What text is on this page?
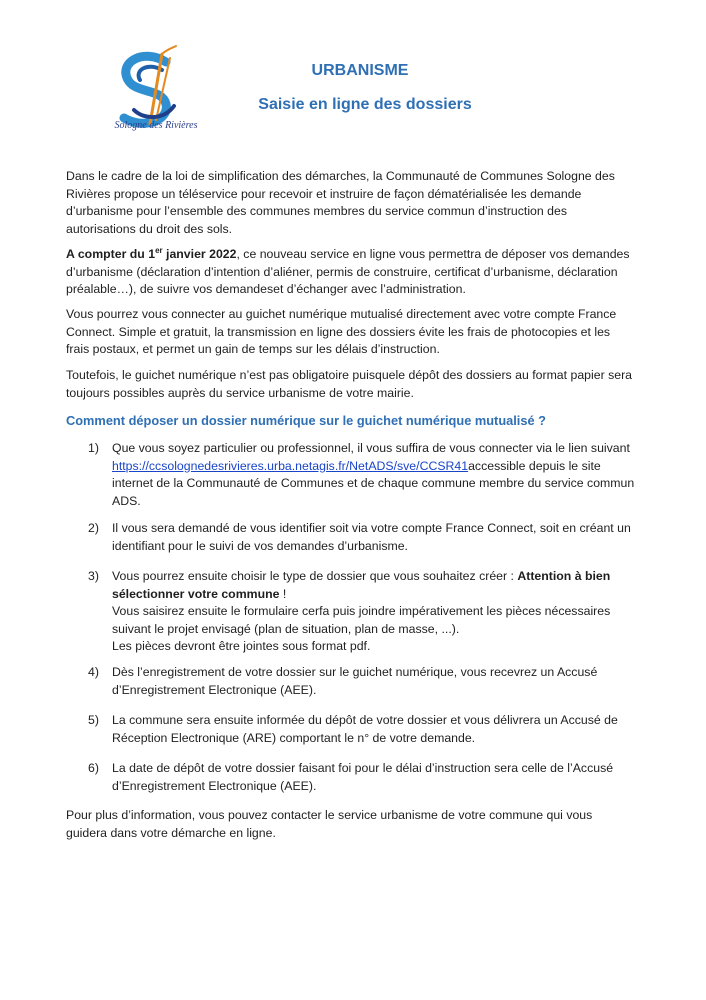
Sologne des Rivières
URBANISME
Saisie en ligne des dossiers

Dans le cadre de la loi de simplification des démarches, la Communauté de Communes Sologne des Rivières propose un téléservice pour recevoir et instruire de façon dématérialisée les demande d’urbanisme pour l’ensemble des communes membres du service commun d’instruction des autorisations du droit des sols.

A compter du 1er janvier 2022, ce nouveau service en ligne vous permettra de déposer vos demandes d’urbanisme (déclaration d’intention d’aliéner, permis de construire, certificat d’urbanisme, déclaration préalable…), de suivre vos demandeset d’échanger avec l’administration.

Vous pourrez vous connecter au guichet numérique mutualisé directement avec votre compte France Connect. Simple et gratuit, la transmission en ligne des dossiers évite les frais de photocopies et les frais postaux, et permet un gain de temps sur les délais d’instruction.

Toutefois, le guichet numérique n’est pas obligatoire puisquele dépôt des dossiers au format papier sera toujours possibles auprès du service urbanisme de votre mairie.

Comment déposer un dossier numérique sur le guichet numérique mutualisé ?
1)	Que vous soyez particulier ou professionnel, il vous suffira de vous connecter via le lien suivant https://ccsolognedesrivieres.urba.netagis.fr/NetADS/sve/CCSR41accessible depuis le site internet de la Communauté de Communes et de chaque commune membre du service commun ADS.
2)	Il vous sera demandé de vous identifier soit via votre compte France Connect, soit en créant un identifiant pour le suivi de vos demandes d’urbanisme.
3)	Vous pourrez ensuite choisir le type de dossier que vous souhaitez créer : Attention à bien sélectionner votre commune !
Vous saisirez ensuite le formulaire cerfa puis joindre impérativement les pièces nécessaires suivant le projet envisagé (plan de situation, plan de masse, ...).
Les pièces devront être jointes sous format pdf.
4)	Dès l’enregistrement de votre dossier sur le guichet numérique, vous recevrez un Accusé d’Enregistrement Electronique (AEE).
5)	La commune sera ensuite informée du dépôt de votre dossier et vous délivrera un Accusé de Réception Electronique (ARE) comportant le n° de votre demande.
6)	La date de dépôt de votre dossier faisant foi pour le délai d’instruction sera celle de l’Accusé d’Enregistrement Electronique (AEE).

Pour plus d’information, vous pouvez contacter le service urbanisme de votre commune qui vous guidera dans votre démarche en ligne.
